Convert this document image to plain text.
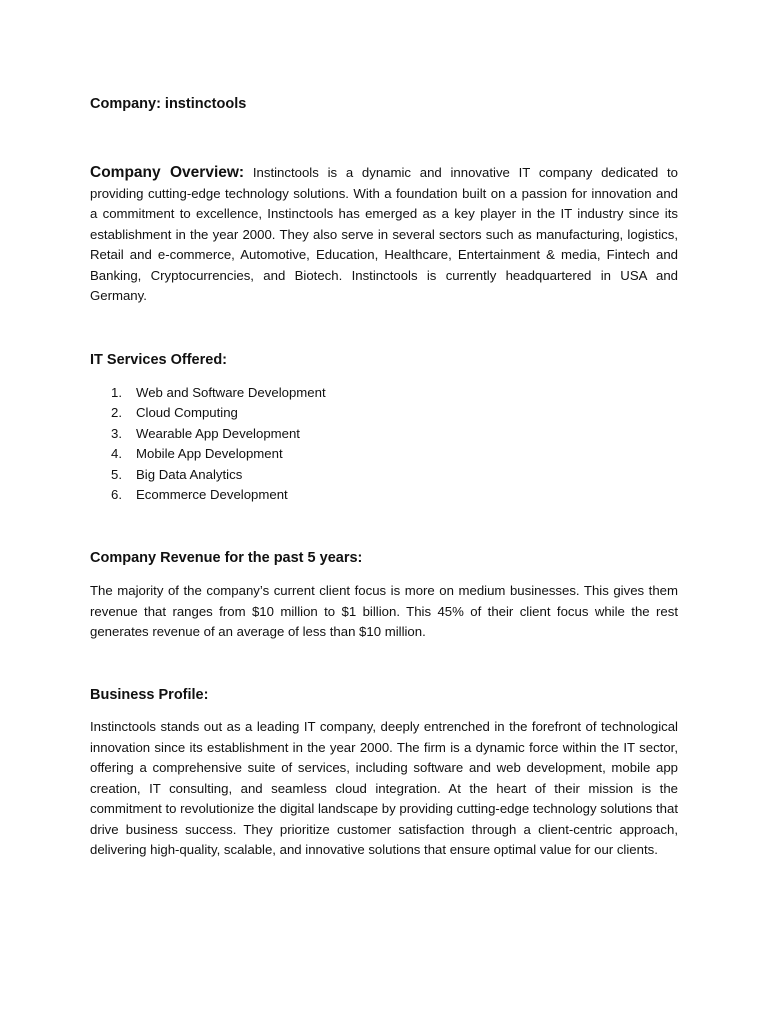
Company: instinctools

Company Overview: Instinctools is a dynamic and innovative IT company dedicated to providing cutting-edge technology solutions. With a foundation built on a passion for innovation and a commitment to excellence, Instinctools has emerged as a key player in the IT industry since its establishment in the year 2000. They also serve in several sectors such as manufacturing, logistics, Retail and e-commerce, Automotive, Education, Healthcare, Entertainment & media, Fintech and Banking, Cryptocurrencies, and Biotech. Instinctools is currently headquartered in USA and Germany.

IT Services Offered:
1. Web and Software Development
2. Cloud Computing
3. Wearable App Development
4. Mobile App Development
5. Big Data Analytics
6. Ecommerce Development
Company Revenue for the past 5 years:

The majority of the company’s current client focus is more on medium businesses. This gives them revenue that ranges from $10 million to $1 billion. This 45% of their client focus while the rest generates revenue of an average of less than $10 million.

Business Profile:

Instinctools stands out as a leading IT company, deeply entrenched in the forefront of technological innovation since its establishment in the year 2000. The firm is a dynamic force within the IT sector, offering a comprehensive suite of services, including software and web development, mobile app creation, IT consulting, and seamless cloud integration. At the heart of their mission is the commitment to revolutionize the digital landscape by providing cutting-edge technology solutions that drive business success. They prioritize customer satisfaction through a client-centric approach, delivering high-quality, scalable, and innovative solutions that ensure optimal value for our clients.
